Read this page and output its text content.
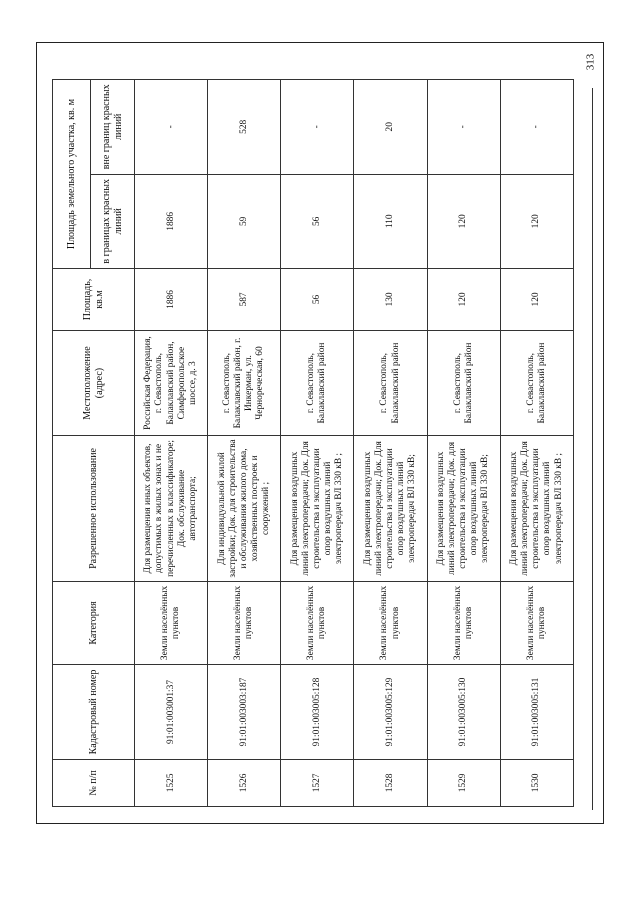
313
№ п/п	Кадастровый номер	Категория	Разрешенное использование	Местоположение (адрес)	Площадь, кв.м	Площадь земельного участка, кв. м	
						в границах красных линий	вне границ красных линий
1525	91:01:003001:37	Земли населённых пунктов	Для размещения иных объектов, допустимых в жилых зонах и не перечисленных в классификаторе; Док. обслуживание автотранспорта;	Российская Федерация, г. Севастополь, Балаклавский район, Симферопольское шоссе, д. 3	1886	1886	-
1526	91:01:003003:187	Земли населённых пунктов	Для индивидуальной жилой застройки; Док. для строительства и обслуживания жилого дома, хозяйственных построек и сооружений ;	г. Севастополь, Балаклавский район, г. Инкерман, ул. Чернореческая, 60	587	59	528
1527	91:01:003005:128	Земли населённых пунктов	Для размещения воздушных линий электропередачи; Док. Для строительства и эксплуатации опор воздушных линий электропередач ВЛ 330 кВ ;	г. Севастополь, Балаклавский район	56	56	-
1528	91:01:003005:129	Земли населённых пунктов	Для размещения воздушных линий электропередачи; Док. Для строительства и эксплуатации опор воздушных линий электропередач ВЛ 330 кВ;	г. Севастополь, Балаклавский район	130	110	20
1529	91:01:003005:130	Земли населённых пунктов	Для размещения воздушных линий электропередачи; Док. для строительства и эксплуатации опор воздушных линий электропередач ВЛ 330 кВ;	г. Севастополь, Балаклавский район	120	120	-
1530	91:01:003005:131	Земли населённых пунктов	Для размещения воздушных линий электропередачи; Док. Для строительства и эксплуатации опор воздушных линий электропередач ВЛ 330 кВ ;	г. Севастополь, Балаклавский район	120	120	-
